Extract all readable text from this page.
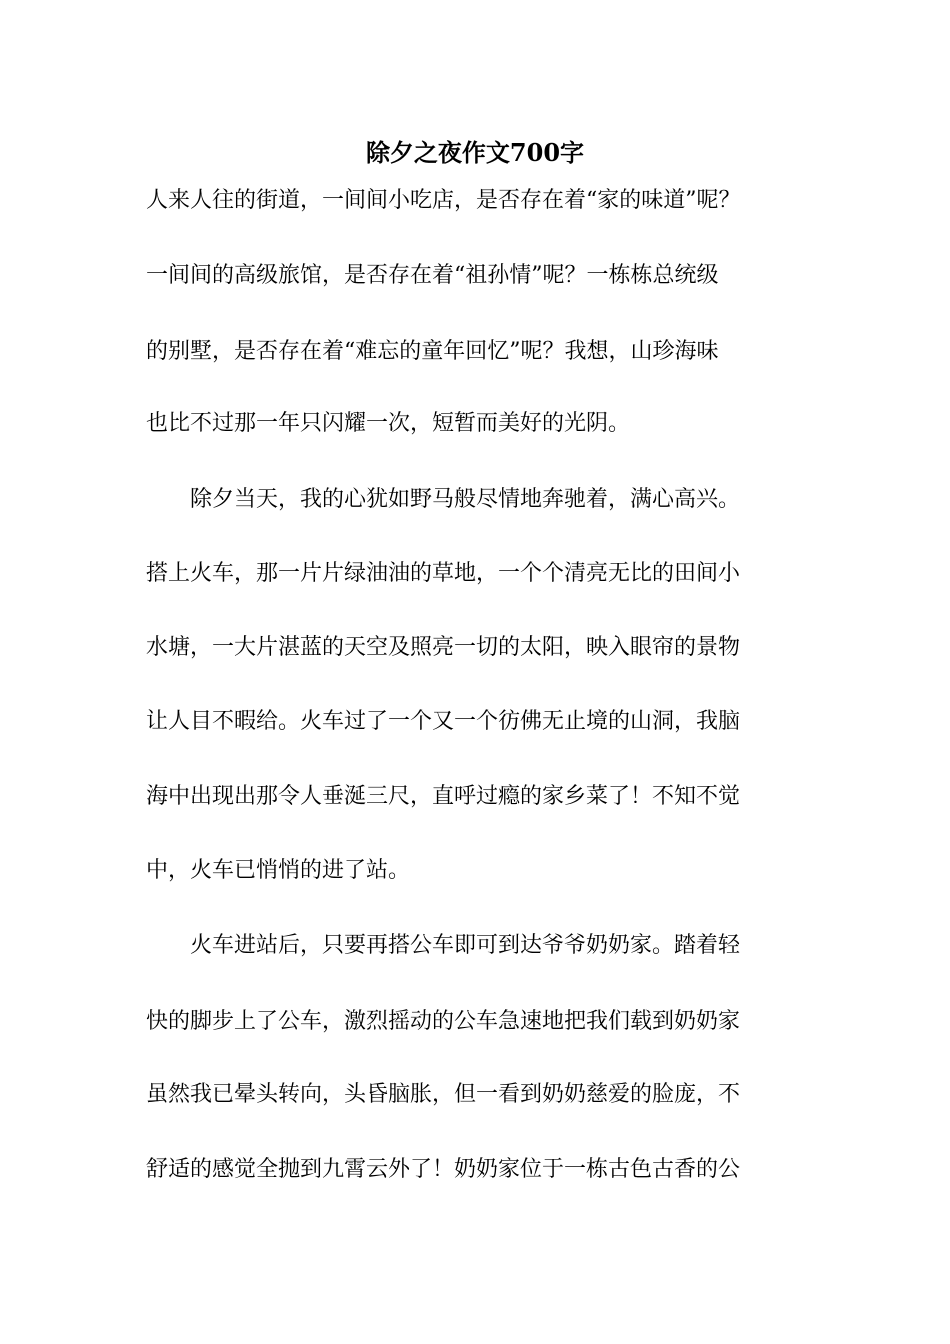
除夕之夜作文700字

人来人往的街道，一间间小吃店，是否存在着“家的味道”呢？

一间间的高级旅馆，是否存在着“祖孙情”呢？一栋栋总统级

的别墅，是否存在着“难忘的童年回忆”呢？我想，山珍海味

也比不过那一年只闪耀一次，短暂而美好的光阴。

　　除夕当天，我的心犹如野马般尽情地奔驰着，满心高兴。

搭上火车，那一片片绿油油的草地，一个个清亮无比的田间小

水塘，一大片湛蓝的天空及照亮一切的太阳，映入眼帘的景物

让人目不暇给。火车过了一个又一个彷佛无止境的山洞，我脑

海中出现出那令人垂涎三尺，直呼过瘾的家乡菜了！不知不觉

中，火车已悄悄的进了站。

　　火车进站后，只要再搭公车即可到达爷爷奶奶家。踏着轻

快的脚步上了公车，激烈摇动的公车急速地把我们载到奶奶家

虽然我已晕头转向，头昏脑胀，但一看到奶奶慈爱的脸庞，不

舒适的感觉全抛到九霄云外了！奶奶家位于一栋古色古香的公
